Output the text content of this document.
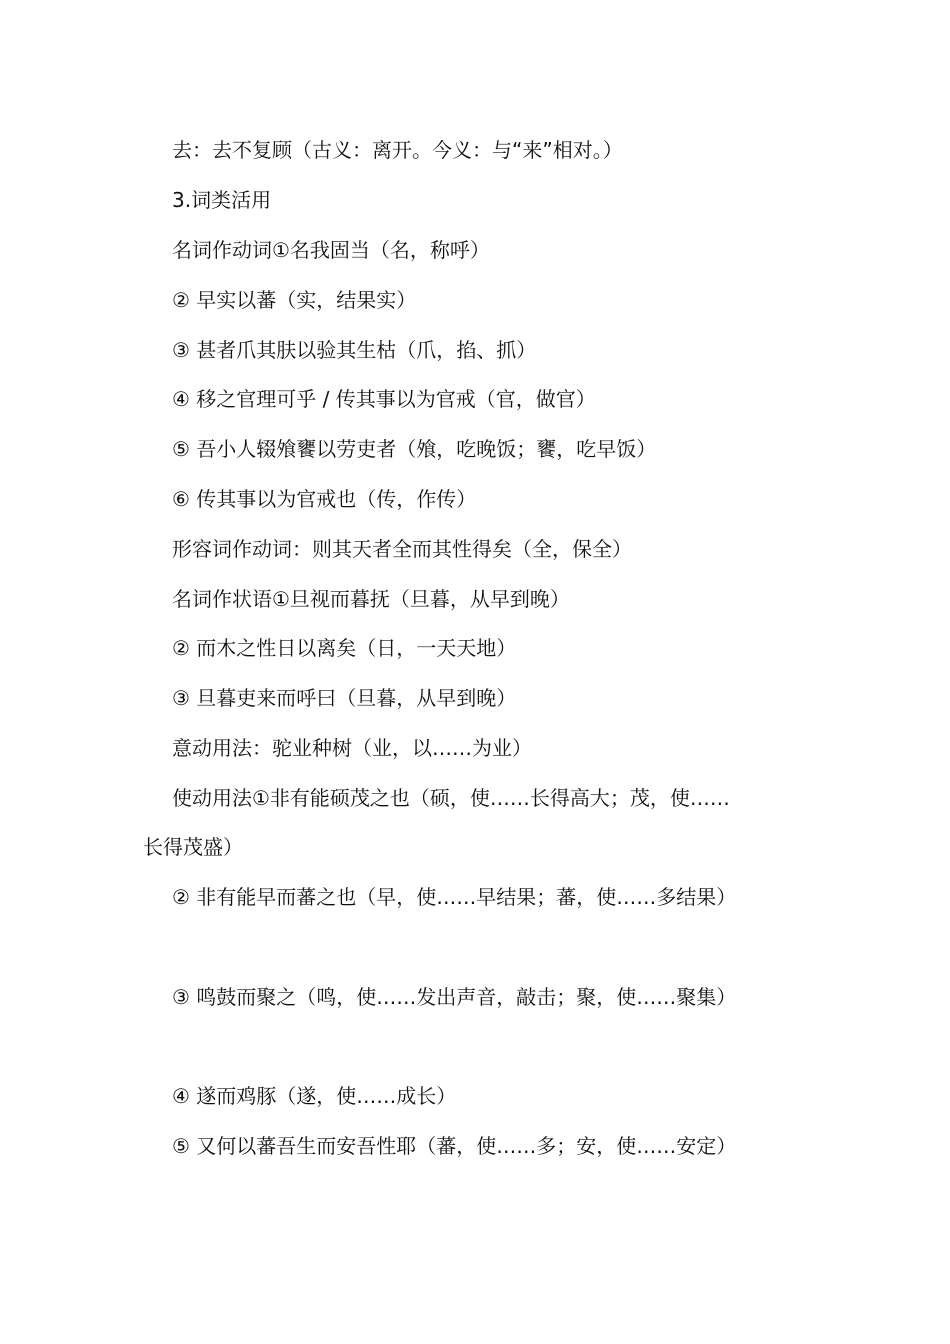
去：去不复顾（古义：离开。今义：与“来”相对。）
3.词类活用
名词作动词①名我固当（名，称呼）
② 早实以蕃（实，结果实）
③ 甚者爪其肤以验其生枯（爪，掐、抓）
④ 移之官理可乎 / 传其事以为官戒（官，做官）
⑤ 吾小人辍飧饔以劳吏者（飧，吃晚饭；饔，吃早饭）
⑥ 传其事以为官戒也（传，作传）
形容词作动词：则其天者全而其性得矣（全，保全）
名词作状语①旦视而暮抚（旦暮，从早到晚）
② 而木之性日以离矣（日，一天天地）
③ 旦暮吏来而呼曰（旦暮，从早到晚）
意动用法：驼业种树（业，以……为业）
使动用法①非有能硕茂之也（硕，使……长得高大；茂，使……
长得茂盛）
② 非有能早而蕃之也（早，使……早结果；蕃，使……多结果）
③ 鸣鼓而聚之（鸣，使……发出声音，敲击；聚，使……聚集）
④ 遂而鸡豚（遂，使……成长）
⑤ 又何以蕃吾生而安吾性耶（蕃，使……多；安，使……安定）
